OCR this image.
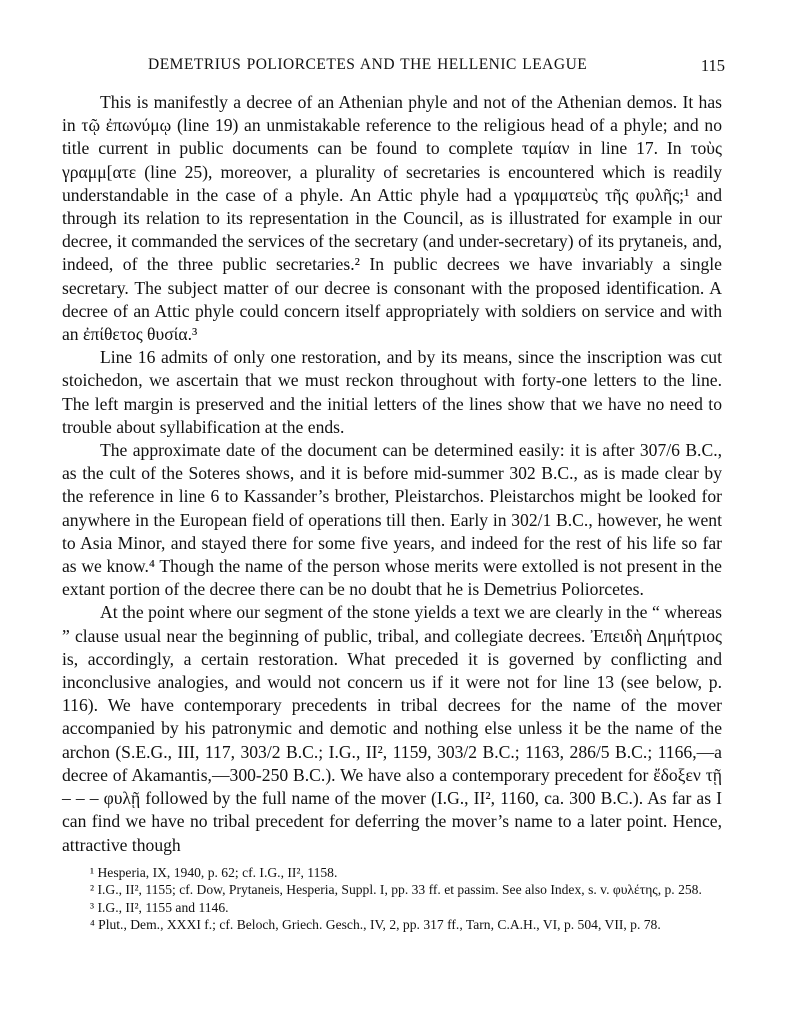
DEMETRIUS POLIORCETES AND THE HELLENIC LEAGUE	115

This is manifestly a decree of an Athenian phyle and not of the Athenian demos. It has in τῷ ἐπωνύμῳ (line 19) an unmistakable reference to the religious head of a phyle; and no title current in public documents can be found to complete ταμίαν in line 17. In τοὺς γραμμ[ατε (line 25), moreover, a plurality of secretaries is encountered which is readily understandable in the case of a phyle. An Attic phyle had a γραμματεὺς τῆς φυλῆς;¹ and through its relation to its representation in the Council, as is illustrated for example in our decree, it commanded the services of the secretary (and under-secretary) of its prytaneis, and, indeed, of the three public secretaries.² In public decrees we have invariably a single secretary. The subject matter of our decree is consonant with the proposed identification. A decree of an Attic phyle could concern itself appropriately with soldiers on service and with an ἐπίθετος θυσία.³

Line 16 admits of only one restoration, and by its means, since the inscription was cut stoichedon, we ascertain that we must reckon throughout with forty-one letters to the line. The left margin is preserved and the initial letters of the lines show that we have no need to trouble about syllabification at the ends.

The approximate date of the document can be determined easily: it is after 307/6 B.C., as the cult of the Soteres shows, and it is before mid-summer 302 B.C., as is made clear by the reference in line 6 to Kassander’s brother, Pleistarchos. Pleistarchos might be looked for anywhere in the European field of operations till then. Early in 302/1 B.C., however, he went to Asia Minor, and stayed there for some five years, and indeed for the rest of his life so far as we know.⁴ Though the name of the person whose merits were extolled is not present in the extant portion of the decree there can be no doubt that he is Demetrius Poliorcetes.

At the point where our segment of the stone yields a text we are clearly in the “ whereas ” clause usual near the beginning of public, tribal, and collegiate decrees. Ἐπειδὴ Δημήτριος is, accordingly, a certain restoration. What preceded it is governed by conflicting and inconclusive analogies, and would not concern us if it were not for line 13 (see below, p. 116). We have contemporary precedents in tribal decrees for the name of the mover accompanied by his patronymic and demotic and nothing else unless it be the name of the archon (S.E.G., III, 117, 303/2 B.C.; I.G., II², 1159, 303/2 B.C.; 1163, 286/5 B.C.; 1166,—a decree of Akamantis,—300-250 B.C.). We have also a contemporary precedent for ἔδοξεν τῇ – – – φυλῇ followed by the full name of the mover (I.G., II², 1160, ca. 300 B.C.). As far as I can find we have no tribal precedent for deferring the mover’s name to a later point. Hence, attractive though

¹ Hesperia, IX, 1940, p. 62; cf. I.G., II², 1158.

² I.G., II², 1155; cf. Dow, Prytaneis, Hesperia, Suppl. I, pp. 33 ff. et passim. See also Index, s. v. φυλέτης, p. 258.

³ I.G., II², 1155 and 1146.

⁴ Plut., Dem., XXXI f.; cf. Beloch, Griech. Gesch., IV, 2, pp. 317 ff., Tarn, C.A.H., VI, p. 504, VII, p. 78.
